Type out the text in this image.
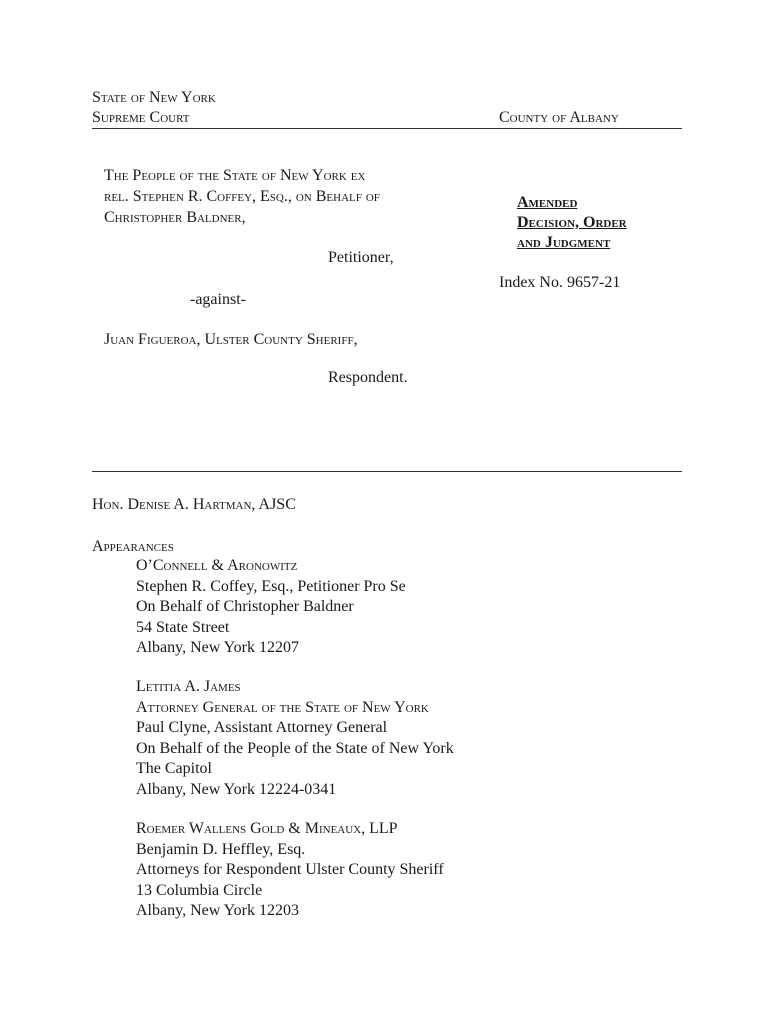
State of New York
Supreme Court	County of Albany
The People of the State of New York ex
rel. Stephen R. Coffey, Esq., on Behalf of
Christopher Baldner,
Petitioner,
-against-
Juan Figueroa, Ulster County Sheriff,
Respondent.
Amended
Decision, Order
and Judgment
Index No. 9657-21
Hon. Denise A. Hartman, AJSC
Appearances
O’Connell & Aronowitz
Stephen R. Coffey, Esq., Petitioner Pro Se
On Behalf of Christopher Baldner
54 State Street
Albany, New York 12207
Letitia A. James
Attorney General of the State of New York
Paul Clyne, Assistant Attorney General
On Behalf of the People of the State of New York
The Capitol
Albany, New York 12224-0341
Roemer Wallens Gold & Mineaux, LLP
Benjamin D. Heffley, Esq.
Attorneys for Respondent Ulster County Sheriff
13 Columbia Circle
Albany, New York 12203
